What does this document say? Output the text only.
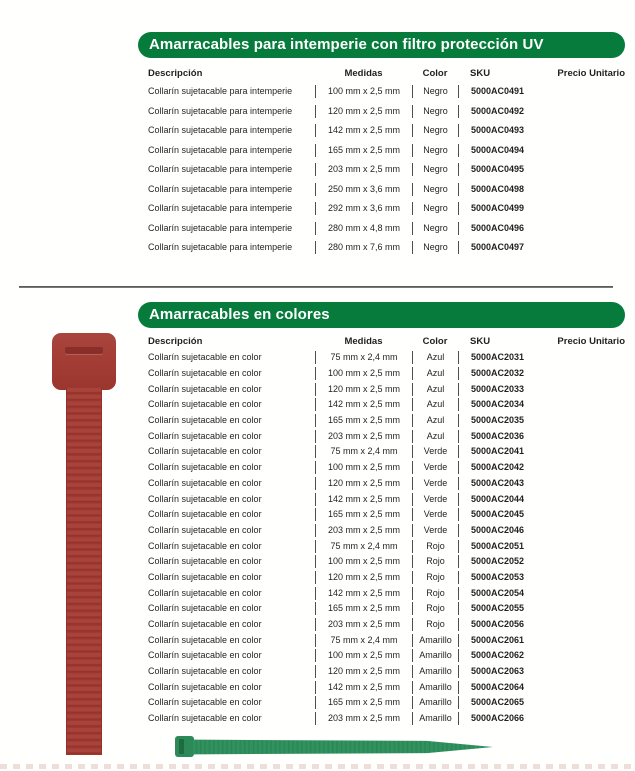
Amarracables para intemperie con filtro protección UV
Descripción	Medidas	Color	SKU	Precio Unitario
Collarín sujetacable para intemperie	100 mm x 2,5 mm	Negro	5000AC0491
Collarín sujetacable para intemperie	120 mm x 2,5 mm	Negro	5000AC0492
Collarín sujetacable para intemperie	142 mm x 2,5 mm	Negro	5000AC0493
Collarín sujetacable para intemperie	165 mm x 2,5 mm	Negro	5000AC0494
Collarín sujetacable para intemperie	203 mm x 2,5 mm	Negro	5000AC0495
Collarín sujetacable para intemperie	250 mm x 3,6 mm	Negro	5000AC0498
Collarín sujetacable para intemperie	292 mm x 3,6 mm	Negro	5000AC0499
Collarín sujetacable para intemperie	280 mm x 4,8 mm	Negro	5000AC0496
Collarín sujetacable para intemperie	280 mm x 7,6 mm	Negro	5000AC0497
Amarracables en colores
Descripción	Medidas	Color	SKU	Precio Unitario
Collarín sujetacable en color	75 mm x 2,4 mm	Azul	5000AC2031
Collarín sujetacable en color	100 mm x 2,5 mm	Azul	5000AC2032
Collarín sujetacable en color	120 mm x 2,5 mm	Azul	5000AC2033
Collarín sujetacable en color	142 mm x 2,5 mm	Azul	5000AC2034
Collarín sujetacable en color	165 mm x 2,5 mm	Azul	5000AC2035
Collarín sujetacable en color	203 mm x 2,5 mm	Azul	5000AC2036
Collarín sujetacable en color	75 mm x 2,4 mm	Verde	5000AC2041
Collarín sujetacable en color	100 mm x 2,5 mm	Verde	5000AC2042
Collarín sujetacable en color	120 mm x 2,5 mm	Verde	5000AC2043
Collarín sujetacable en color	142 mm x 2,5 mm	Verde	5000AC2044
Collarín sujetacable en color	165 mm x 2,5 mm	Verde	5000AC2045
Collarín sujetacable en color	203 mm x 2,5 mm	Verde	5000AC2046
Collarín sujetacable en color	75 mm x 2,4 mm	Rojo	5000AC2051
Collarín sujetacable en color	100 mm x 2,5 mm	Rojo	5000AC2052
Collarín sujetacable en color	120 mm x 2,5 mm	Rojo	5000AC2053
Collarín sujetacable en color	142 mm x 2,5 mm	Rojo	5000AC2054
Collarín sujetacable en color	165 mm x 2,5 mm	Rojo	5000AC2055
Collarín sujetacable en color	203 mm x 2,5 mm	Rojo	5000AC2056
Collarín sujetacable en color	75 mm x 2,4 mm	Amarillo	5000AC2061
Collarín sujetacable en color	100 mm x 2,5 mm	Amarillo	5000AC2062
Collarín sujetacable en color	120 mm x 2,5 mm	Amarillo	5000AC2063
Collarín sujetacable en color	142 mm x 2,5 mm	Amarillo	5000AC2064
Collarín sujetacable en color	165 mm x 2,5 mm	Amarillo	5000AC2065
Collarín sujetacable en color	203 mm x 2,5 mm	Amarillo	5000AC2066
